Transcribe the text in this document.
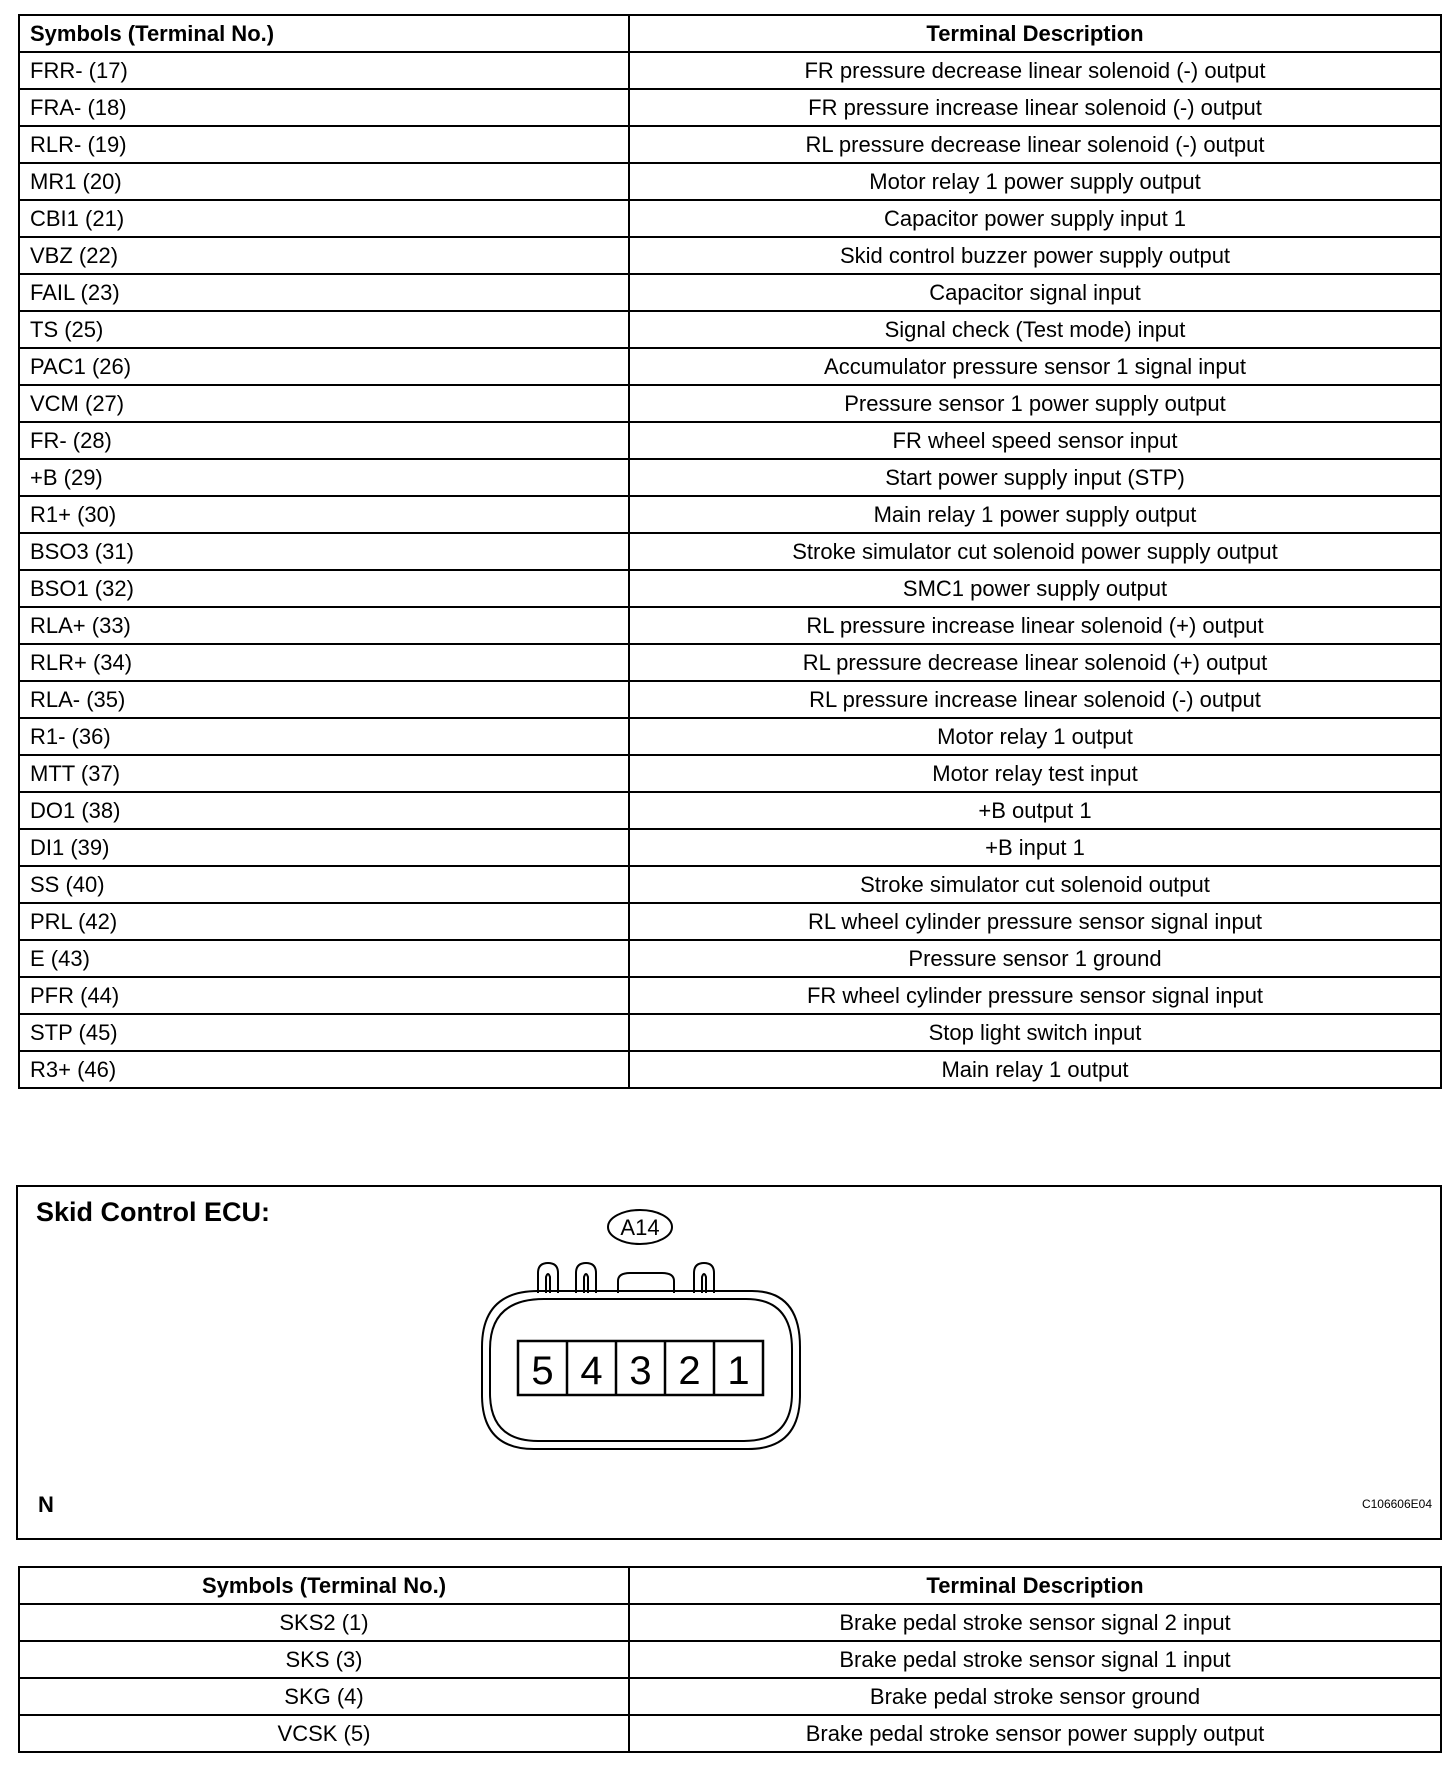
Symbols (Terminal No.)	Terminal Description
FRR- (17)	FR pressure decrease linear solenoid (-) output
FRA- (18)	FR pressure increase linear solenoid (-) output
RLR- (19)	RL pressure decrease linear solenoid (-) output
MR1 (20)	Motor relay 1 power supply output
CBI1 (21)	Capacitor power supply input 1
VBZ (22)	Skid control buzzer power supply output
FAIL (23)	Capacitor signal input
TS (25)	Signal check (Test mode) input
PAC1 (26)	Accumulator pressure sensor 1 signal input
VCM (27)	Pressure sensor 1 power supply output
FR- (28)	FR wheel speed sensor input
+B (29)	Start power supply input (STP)
R1+ (30)	Main relay 1 power supply output
BSO3 (31)	Stroke simulator cut solenoid power supply output
BSO1 (32)	SMC1 power supply output
RLA+ (33)	RL pressure increase linear solenoid (+) output
RLR+ (34)	RL pressure decrease linear solenoid (+) output
RLA- (35)	RL pressure increase linear solenoid (-) output
R1- (36)	Motor relay 1 output
MTT (37)	Motor relay test input
DO1 (38)	+B output 1
DI1 (39)	+B input 1
SS (40)	Stroke simulator cut solenoid output
PRL (42)	RL wheel cylinder pressure sensor signal input
E (43)	Pressure sensor 1 ground
PFR (44)	FR wheel cylinder pressure sensor signal input
STP (45)	Stop light switch input
R3+ (46)	Main relay 1 output
Skid Control ECU:
A14
5 4 3 2 1
N	C106606E04
Symbols (Terminal No.)	Terminal Description
SKS2 (1)	Brake pedal stroke sensor signal 2 input
SKS (3)	Brake pedal stroke sensor signal 1 input
SKG (4)	Brake pedal stroke sensor ground
VCSK (5)	Brake pedal stroke sensor power supply output
